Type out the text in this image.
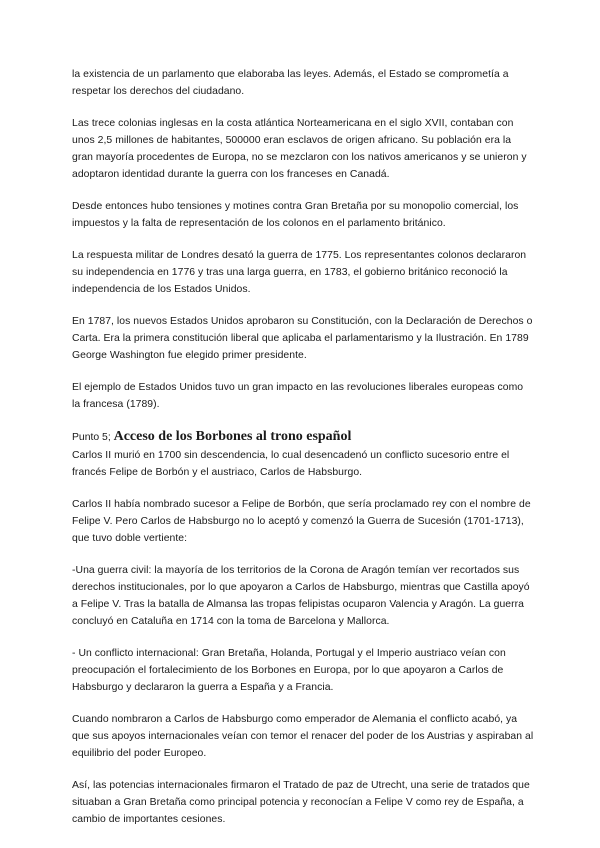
la existencia de un parlamento que elaboraba las leyes. Además, el Estado se comprometía a respetar los derechos del ciudadano.

Las trece colonias inglesas en la costa atlántica Norteamericana en el siglo XVII, contaban con unos 2,5 millones de habitantes, 500000 eran esclavos de origen africano. Su población era la gran mayoría procedentes de Europa, no se mezclaron con los nativos americanos y se unieron y adoptaron identidad durante la guerra con los franceses en Canadá.

Desde entonces hubo tensiones y motines contra Gran Bretaña por su monopolio comercial, los impuestos y la falta de representación de los colonos en el parlamento británico.

La respuesta militar de Londres desató la guerra de 1775. Los representantes colonos declararon su independencia en 1776 y tras una larga guerra, en 1783, el gobierno británico reconoció la independencia de los Estados Unidos.

En 1787, los nuevos Estados Unidos aprobaron su Constitución, con la Declaración de Derechos o Carta. Era la primera constitución liberal que aplicaba el parlamentarismo y la Ilustración. En 1789 George Washington fue elegido primer presidente.

El ejemplo de Estados Unidos tuvo un gran impacto en las revoluciones liberales europeas como la francesa (1789).

Punto 5; Acceso de los Borbones al trono español

Carlos II murió en 1700 sin descendencia, lo cual desencadenó un conflicto sucesorio entre el francés Felipe de Borbón y el austriaco, Carlos de Habsburgo.

Carlos II había nombrado sucesor a Felipe de Borbón, que sería proclamado rey con el nombre de Felipe V. Pero Carlos de Habsburgo no lo aceptó y comenzó la Guerra de Sucesión (1701-1713), que tuvo doble vertiente:

-Una guerra civil: la mayoría de los territorios de la Corona de Aragón temían ver recortados sus derechos institucionales, por lo que apoyaron a Carlos de Habsburgo, mientras que Castilla apoyó a Felipe V. Tras la batalla de Almansa las tropas felipistas ocuparon Valencia y Aragón. La guerra concluyó en Cataluña en 1714 con la toma de Barcelona y Mallorca.

- Un conflicto internacional: Gran Bretaña, Holanda, Portugal y el Imperio austriaco veían con preocupación el fortalecimiento de los Borbones en Europa, por lo que apoyaron a Carlos de Habsburgo y declararon la guerra a España y a Francia.

Cuando nombraron a Carlos de Habsburgo como emperador de Alemania el conflicto acabó, ya que sus apoyos internacionales veían con temor el renacer del poder de los Austrias y aspiraban al equilibrio del poder Europeo.

Así, las potencias internacionales firmaron el Tratado de paz de Utrecht, una serie de tratados que situaban a Gran Bretaña como principal potencia y reconocían a Felipe V como rey de España, a cambio de importantes cesiones.
